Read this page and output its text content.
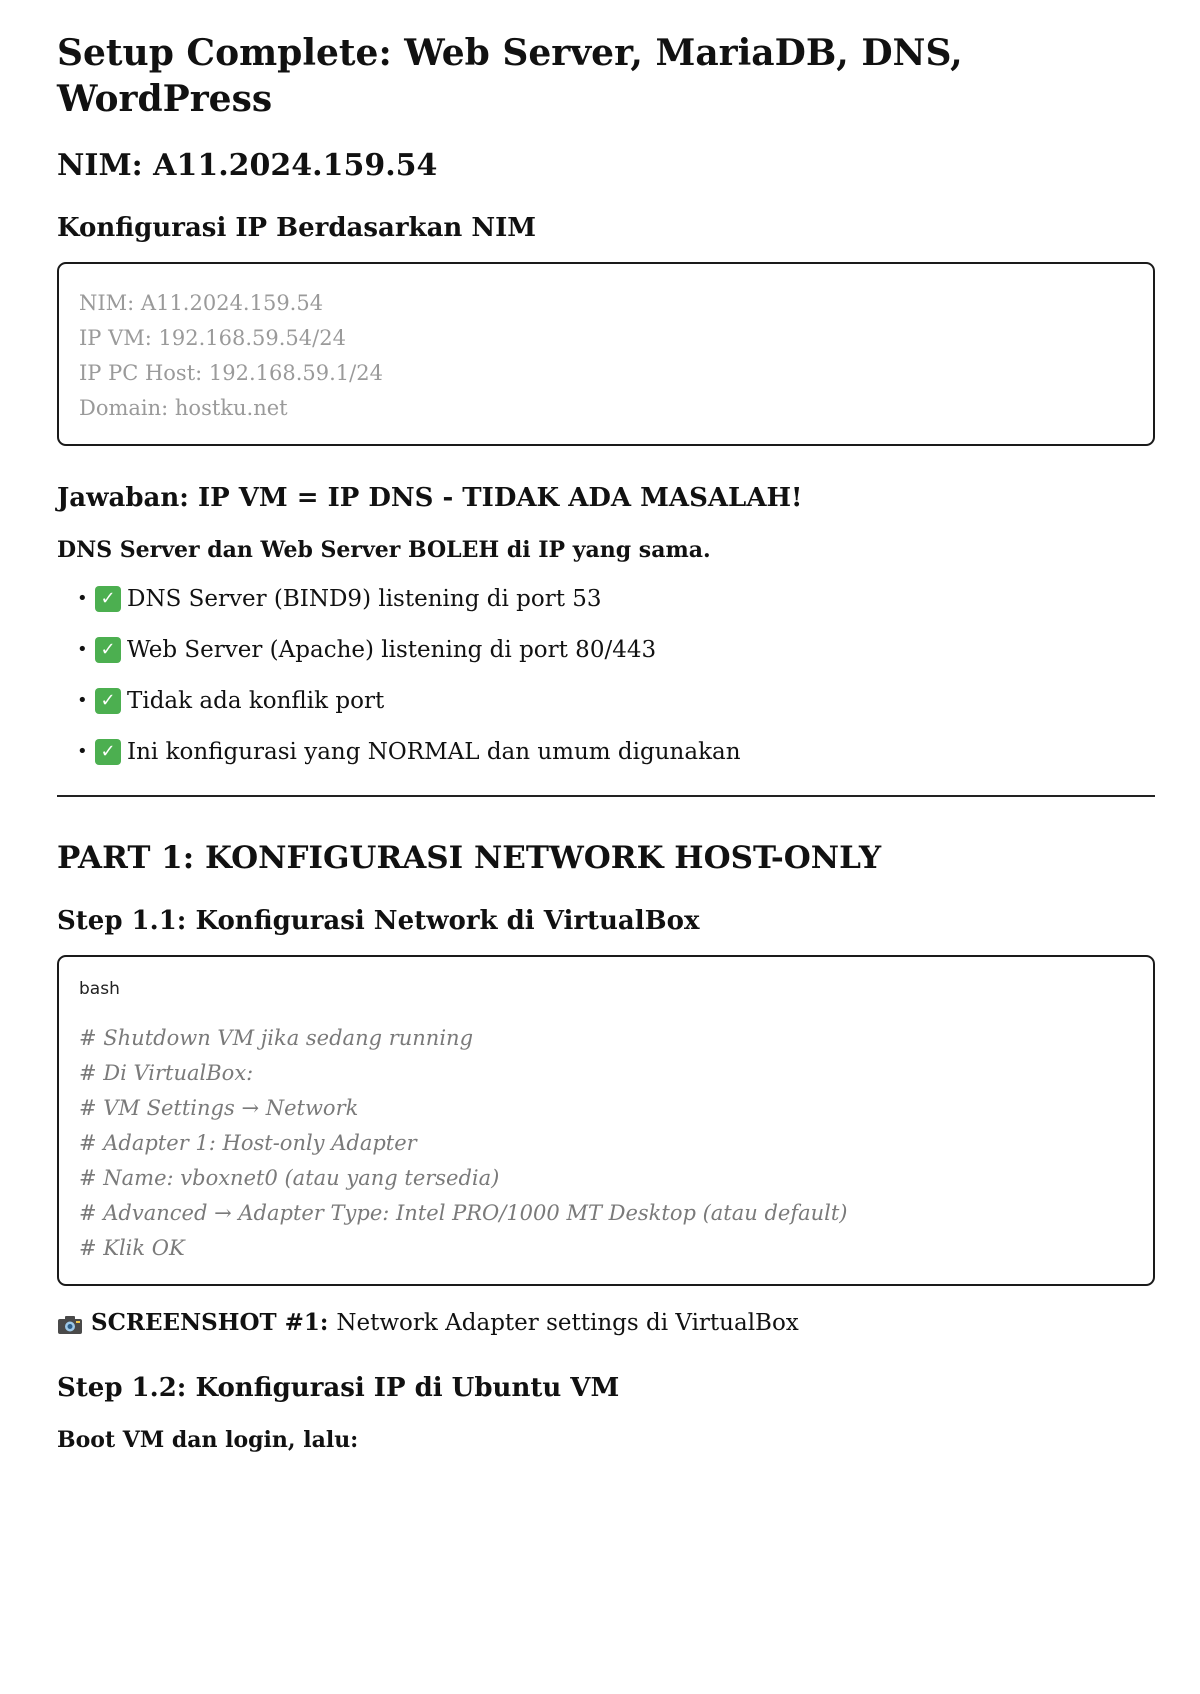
Setup Complete: Web Server, MariaDB, DNS, WordPress
NIM: A11.2024.159.54
Konfigurasi IP Berdasarkan NIM
NIM: A11.2024.159.54
IP VM: 192.168.59.54/24
IP PC Host: 192.168.59.1/24
Domain: hostku.net
Jawaban: IP VM = IP DNS - TIDAK ADA MASALAH!
DNS Server dan Web Server BOLEH di IP yang sama.
• ✓ DNS Server (BIND9) listening di port 53
• ✓ Web Server (Apache) listening di port 80/443
• ✓ Tidak ada konflik port
• ✓ Ini konfigurasi yang NORMAL dan umum digunakan
PART 1: KONFIGURASI NETWORK HOST-ONLY
Step 1.1: Konfigurasi Network di VirtualBox
bash
# Shutdown VM jika sedang running
# Di VirtualBox:
# VM Settings → Network
# Adapter 1: Host-only Adapter
# Name: vboxnet0 (atau yang tersedia)
# Advanced → Adapter Type: Intel PRO/1000 MT Desktop (atau default)
# Klik OK
SCREENSHOT #1: Network Adapter settings di VirtualBox
Step 1.2: Konfigurasi IP di Ubuntu VM
Boot VM dan login, lalu:
